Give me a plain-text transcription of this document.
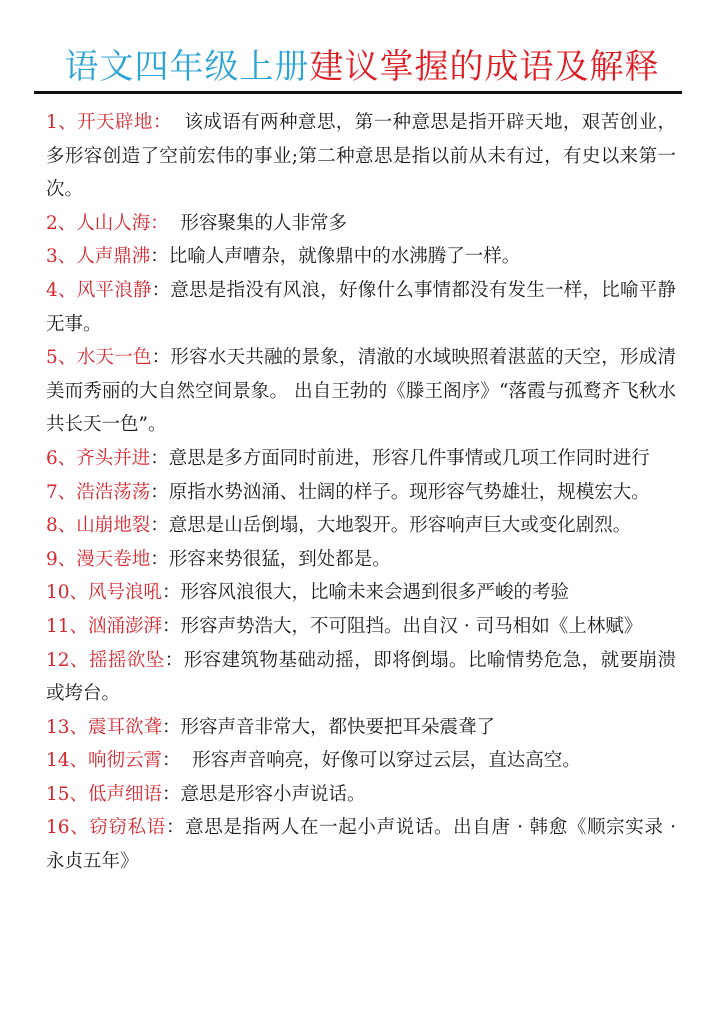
语文四年级上册建议掌握的成语及解释
1、开天辟地：  该成语有两种意思，第一种意思是指开辟天地，艰苦创业，多形容创造了空前宏伟的事业;第二种意思是指以前从未有过，有史以来第一次。
2、人山人海：  形容聚集的人非常多
3、人声鼎沸：比喻人声嘈杂，就像鼎中的水沸腾了一样。
4、风平浪静：意思是指没有风浪，好像什么事情都没有发生一样，比喻平静无事。
5、水天一色：形容水天共融的景象，清澈的水域映照着湛蓝的天空，形成清美而秀丽的大自然空间景象。 出自王勃的《滕王阁序》“落霞与孤鹜齐飞秋水共长天一色”。
6、齐头并进：意思是多方面同时前进，形容几件事情或几项工作同时进行
7、浩浩荡荡：原指水势汹涌、壮阔的样子。现形容气势雄壮，规模宏大。
8、山崩地裂：意思是山岳倒塌，大地裂开。形容响声巨大或变化剧烈。
9、漫天卷地：形容来势很猛，到处都是。
10、风号浪吼：形容风浪很大，比喻未来会遇到很多严峻的考验
11、汹涌澎湃：形容声势浩大，不可阻挡。出自汉 · 司马相如《上林赋》
12、摇摇欲坠：形容建筑物基础动摇，即将倒塌。比喻情势危急，就要崩溃或垮台。
13、震耳欲聋：形容声音非常大，都快要把耳朵震聋了
14、响彻云霄：  形容声音响亮，好像可以穿过云层，直达高空。
15、低声细语：意思是形容小声说话。
16、窃窃私语：意思是指两人在一起小声说话。出自唐 · 韩愈《顺宗实录 · 永贞五年》
